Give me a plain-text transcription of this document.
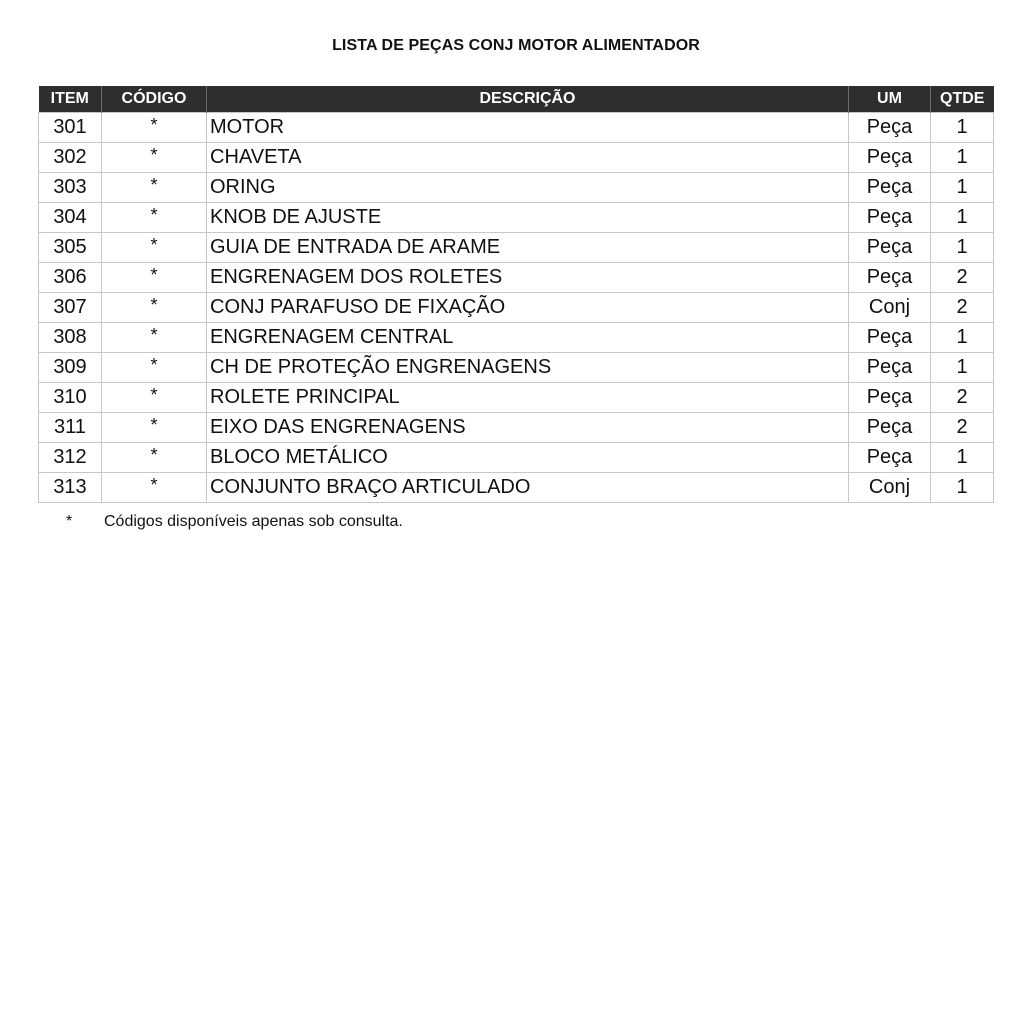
LISTA DE PEÇAS CONJ MOTOR ALIMENTADOR
ITEM	CÓDIGO	DESCRIÇÃO	UM	QTDE
301	*	MOTOR	Peça	1
302	*	CHAVETA	Peça	1
303	*	ORING	Peça	1
304	*	KNOB DE AJUSTE	Peça	1
305	*	GUIA DE ENTRADA DE ARAME	Peça	1
306	*	ENGRENAGEM DOS ROLETES	Peça	2
307	*	CONJ PARAFUSO DE FIXAÇÃO	Conj	2
308	*	ENGRENAGEM CENTRAL	Peça	1
309	*	CH DE PROTEÇÃO ENGRENAGENS	Peça	1
310	*	ROLETE PRINCIPAL	Peça	2
311	*	EIXO DAS ENGRENAGENS	Peça	2
312	*	BLOCO METÁLICO	Peça	1
313	*	CONJUNTO BRAÇO ARTICULADO	Conj	1
*	Códigos disponíveis apenas sob consulta.
